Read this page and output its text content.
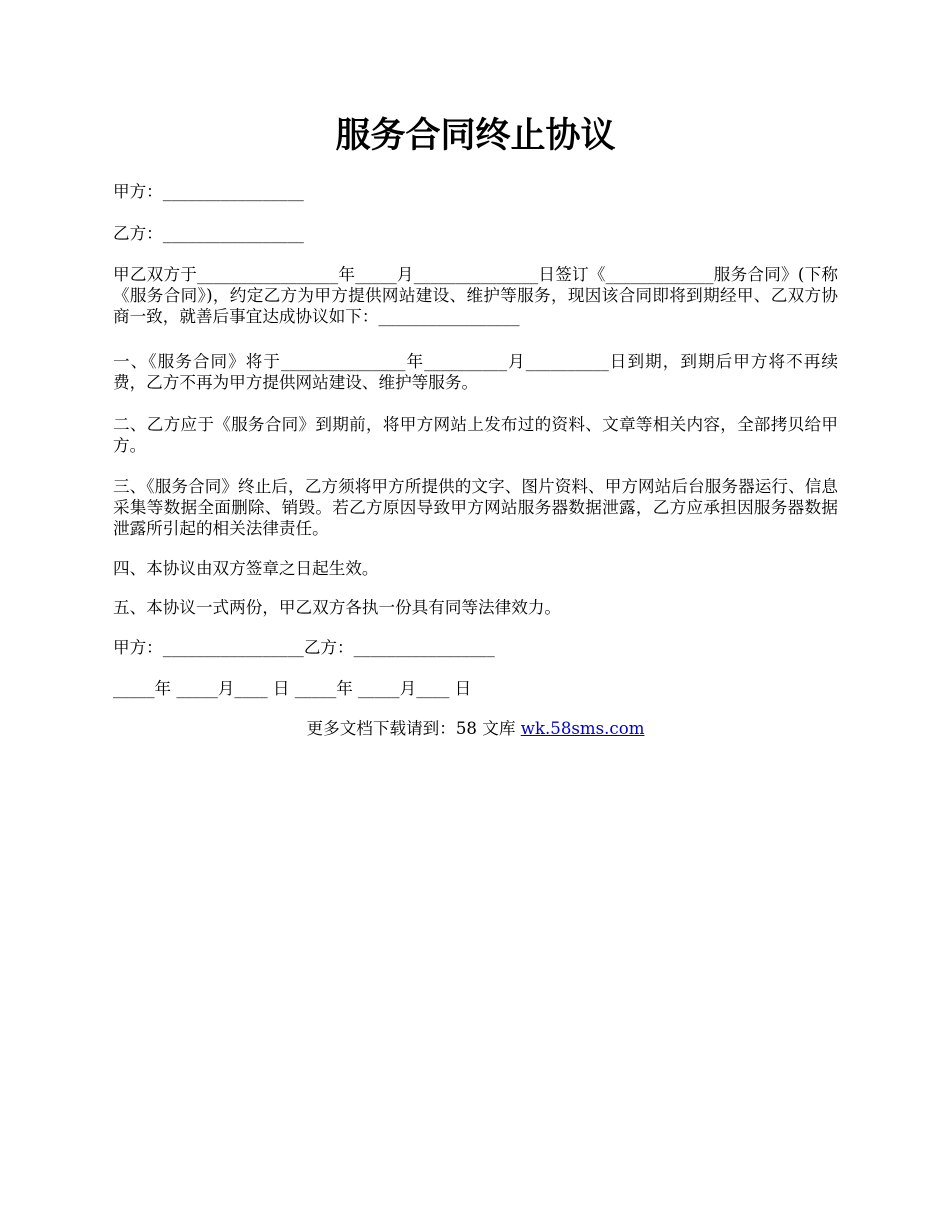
服务合同终止协议
甲方：_________________
乙方：_________________
甲乙双方于_________________年_____月_______________日签订《_____________服务合同》(下称《服务合同》)，约定乙方为甲方提供网站建设、维护等服务，现因该合同即将到期经甲、乙双方协商一致，就善后事宜达成协议如下：_________________
一、《服务合同》将于_______________年__________月__________日到期，到期后甲方将不再续费，乙方不再为甲方提供网站建设、维护等服务。
二、乙方应于《服务合同》到期前，将甲方网站上发布过的资料、文章等相关内容，全部拷贝给甲方。
三、《服务合同》终止后，乙方须将甲方所提供的文字、图片资料、甲方网站后台服务器运行、信息采集等数据全面删除、销毁。若乙方原因导致甲方网站服务器数据泄露，乙方应承担因服务器数据泄露所引起的相关法律责任。
四、本协议由双方签章之日起生效。
五、本协议一式两份，甲乙双方各执一份具有同等法律效力。
甲方：_________________乙方：_________________
_____年 _____月____ 日 _____年 _____月____ 日
更多文档下载请到：58 文库 wk.58sms.com
